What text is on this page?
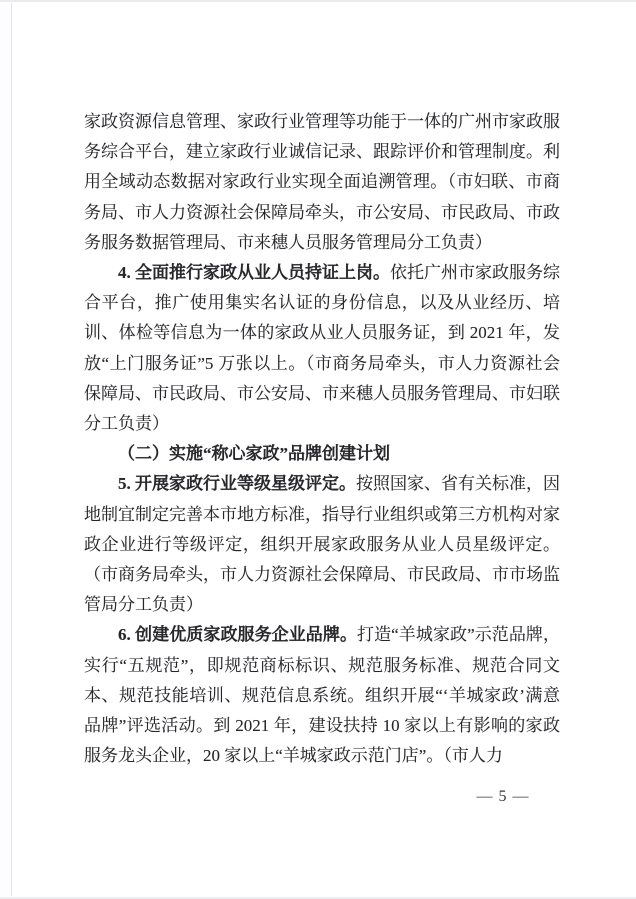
家政资源信息管理、家政行业管理等功能于一体的广州市家政服务综合平台，建立家政行业诚信记录、跟踪评价和管理制度。利用全域动态数据对家政行业实现全面追溯管理。（市妇联、市商务局、市人力资源社会保障局牵头，市公安局、市民政局、市政务服务数据管理局、市来穗人员服务管理局分工负责）

4. 全面推行家政从业人员持证上岗。依托广州市家政服务综合平台，推广使用集实名认证的身份信息，以及从业经历、培训、体检等信息为一体的家政从业人员服务证，到 2021 年，发放“上门服务证”5 万张以上。（市商务局牵头，市人力资源社会保障局、市民政局、市公安局、市来穗人员服务管理局、市妇联分工负责）

（二）实施“称心家政”品牌创建计划

5. 开展家政行业等级星级评定。按照国家、省有关标准，因地制宜制定完善本市地方标准，指导行业组织或第三方机构对家政企业进行等级评定，组织开展家政服务从业人员星级评定。（市商务局牵头，市人力资源社会保障局、市民政局、市市场监管局分工负责）

6. 创建优质家政服务企业品牌。打造“羊城家政”示范品牌，实行“五规范”，即规范商标标识、规范服务标准、规范合同文本、规范技能培训、规范信息系统。组织开展“‘羊城家政’满意品牌”评选活动。到 2021 年，建设扶持 10 家以上有影响的家政服务龙头企业，20 家以上“羊城家政示范门店”。（市人力

— 5 —
